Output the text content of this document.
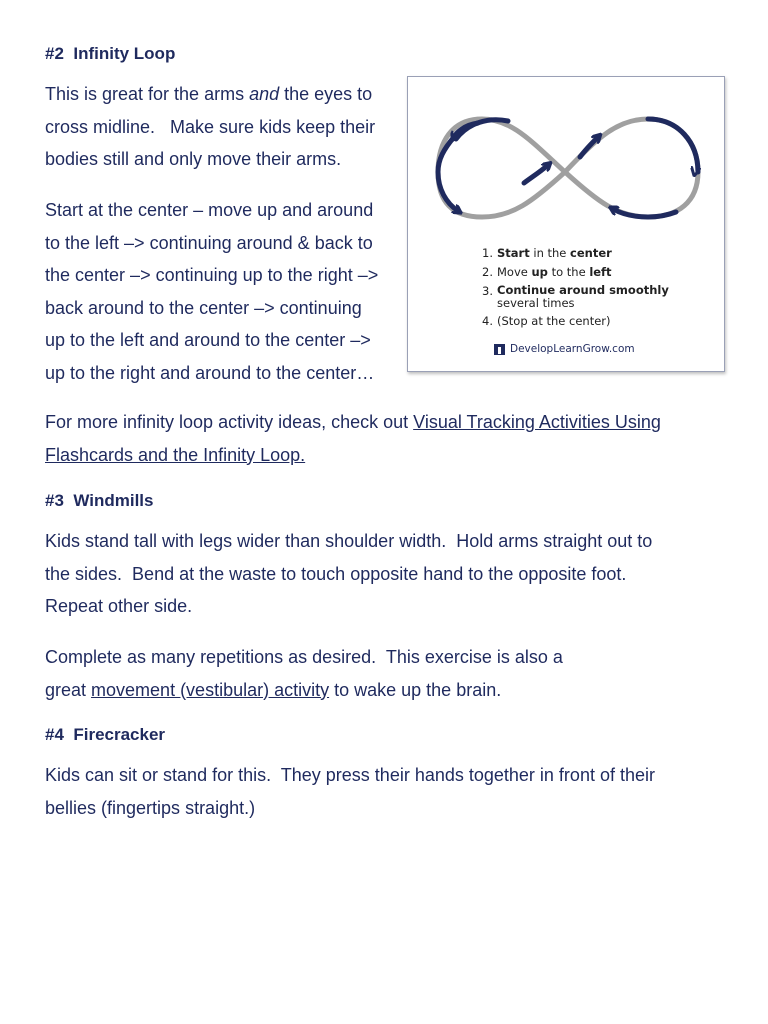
#2  Infinity Loop

This is great for the arms and the eyes to
cross midline.   Make sure kids keep their
bodies still and only move their arms.

Start at the center – move up and around
to the left –> continuing around & back to
the center –> continuing up to the right –>
back around to the center –> continuing
up to the left and around to the center –>
up to the right and around to the center…

1. Start in the center
2. Move up to the left
3. Continue around smoothly
several times
4. (Stop at the center)
DevelopLearnGrow.com

For more infinity loop activity ideas, check out Visual Tracking Activities Using
Flashcards and the Infinity Loop.

#3  Windmills

Kids stand tall with legs wider than shoulder width.  Hold arms straight out to
the sides.  Bend at the waste to touch opposite hand to the opposite foot.
Repeat other side.

Complete as many repetitions as desired.  This exercise is also a
great movement (vestibular) activity to wake up the brain.

#4  Firecracker

Kids can sit or stand for this.  They press their hands together in front of their
bellies (fingertips straight.)
